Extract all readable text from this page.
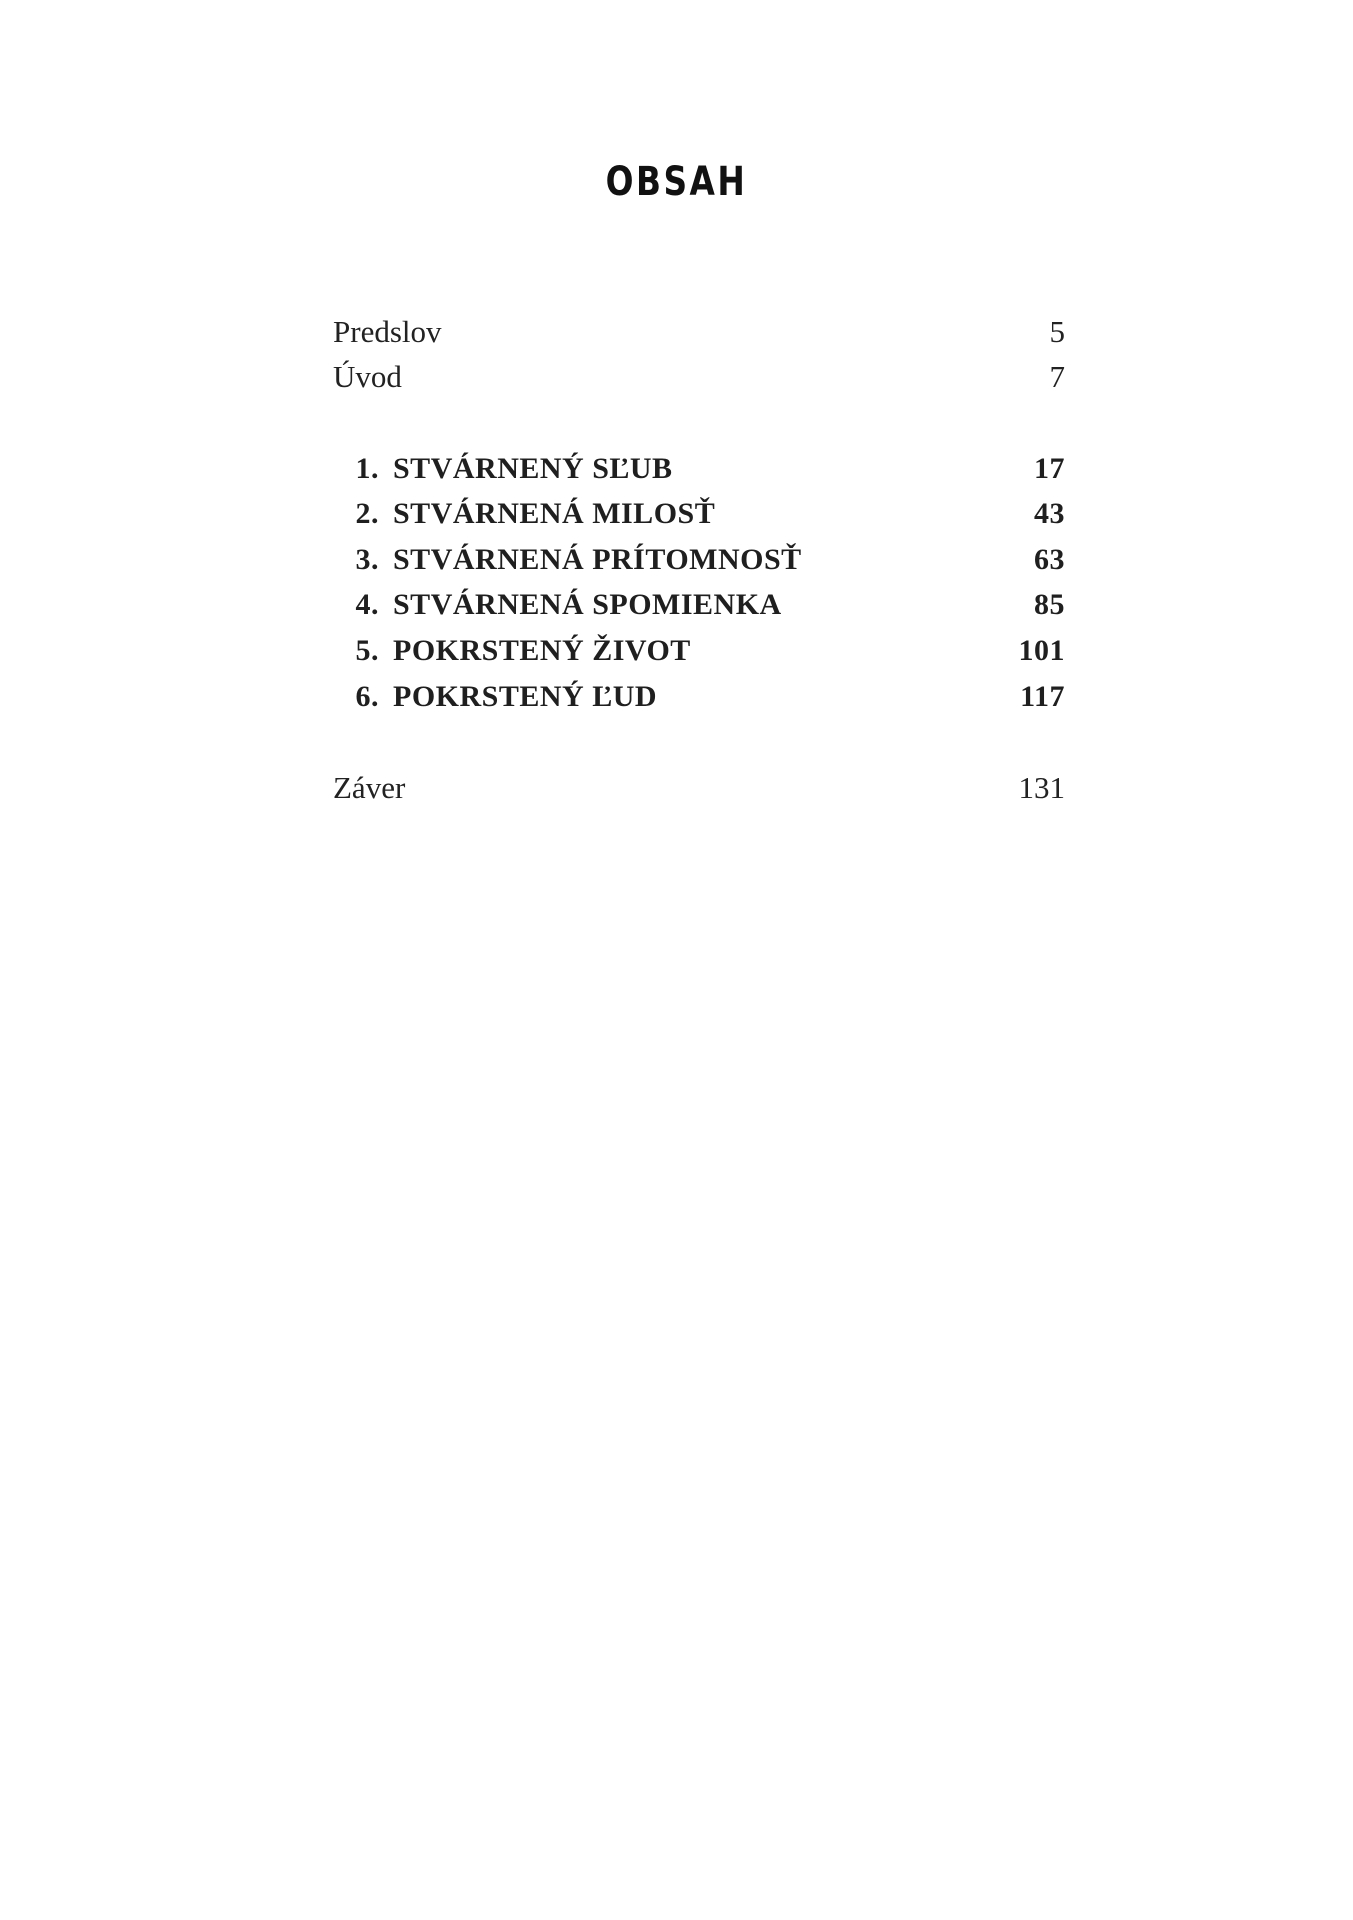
OBSAH
Predslov	5
Úvod	7
1. STVÁRNENÝ SĽUB	17
2. STVÁRNENÁ MILOSŤ	43
3. STVÁRNENÁ PRÍTOMNOSŤ	63
4. STVÁRNENÁ SPOMIENKA	85
5. POKRSTENÝ ŽIVOT	101
6. POKRSTENÝ ĽUD	117
Záver	131
